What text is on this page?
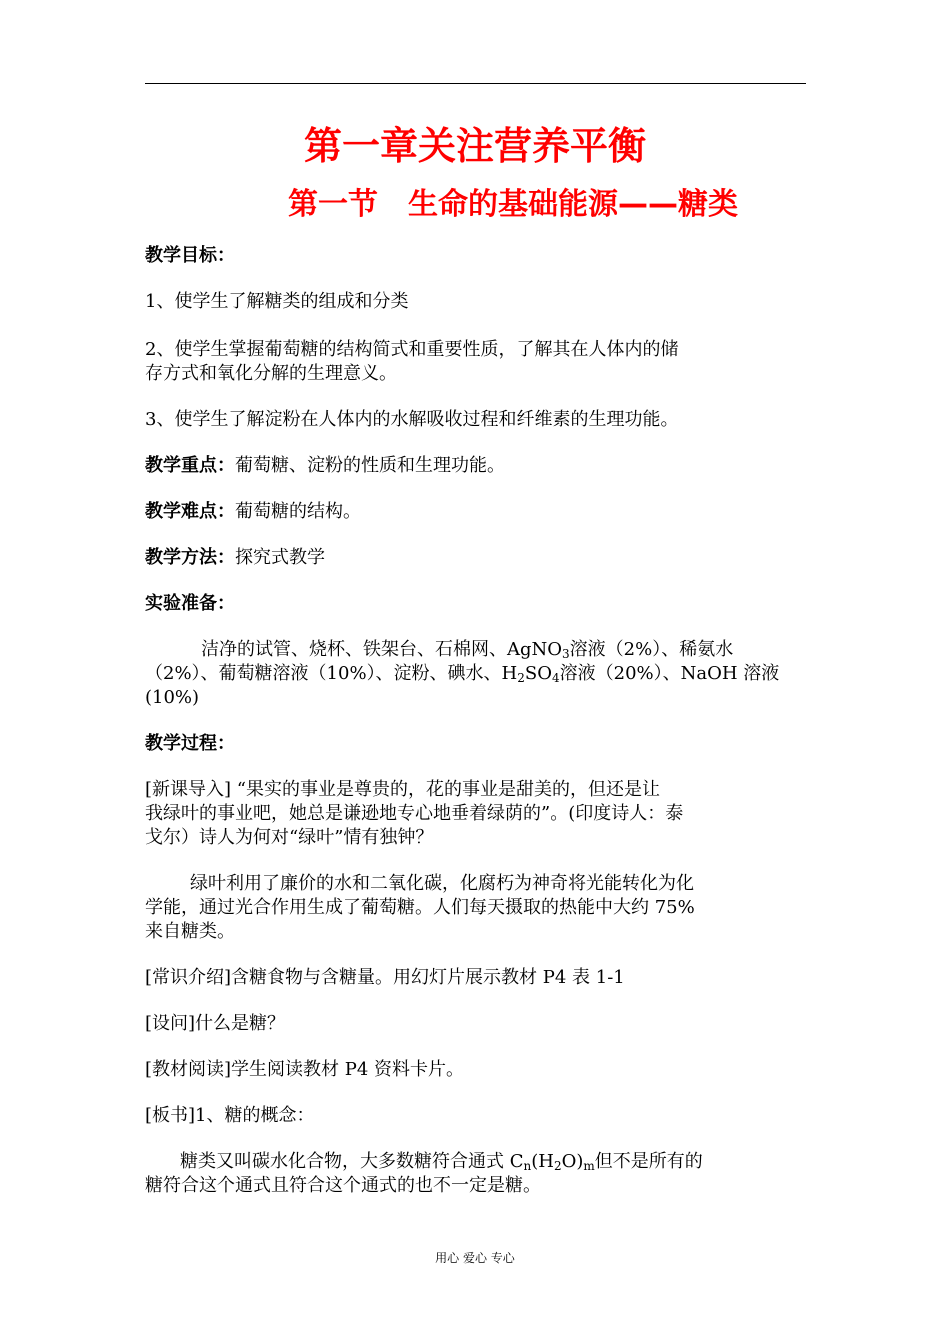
第一章关注营养平衡
第一节　生命的基础能源——糖类

教学目标：

1、使学生了解糖类的组成和分类

2、使学生掌握葡萄糖的结构简式和重要性质，了解其在人体内的储

存方式和氧化分解的生理意义。

3、使学生了解淀粉在人体内的水解吸收过程和纤维素的生理功能。

教学重点：葡萄糖、淀粉的性质和生理功能。

教学难点：葡萄糖的结构。

教学方法：探究式教学

实验准备：

洁净的试管、烧杯、铁架台、石棉网、AgNO$_3$溶液（2%）、稀氨水

（2%）、葡萄糖溶液（10%）、淀粉、碘水、$H_2SO_4$溶液（20%）、NaOH 溶液

(10%)

教学过程：

[新课导入] “果实的事业是尊贵的，花的事业是甜美的，但还是让

我绿叶的事业吧，她总是谦逊地专心地垂着绿荫的”。(印度诗人：泰

戈尔）诗人为何对“绿叶”情有独钟？

绿叶利用了廉价的水和二氧化碳，化腐朽为神奇将光能转化为化

学能，通过光合作用生成了葡萄糖。人们每天摄取的热能中大约 75%

来自糖类。

[常识介绍]含糖食物与含糖量。用幻灯片展示教材 P4 表 1-1

[设问]什么是糖？

[教材阅读]学生阅读教材 P4 资料卡片。

[板书]1、糖的概念：

糖类又叫碳水化合物，大多数糖符合通式 $C_n(H_2O)_m$但不是所有的

糖符合这个通式且符合这个通式的也不一定是糖。

用心 爱心 专心
